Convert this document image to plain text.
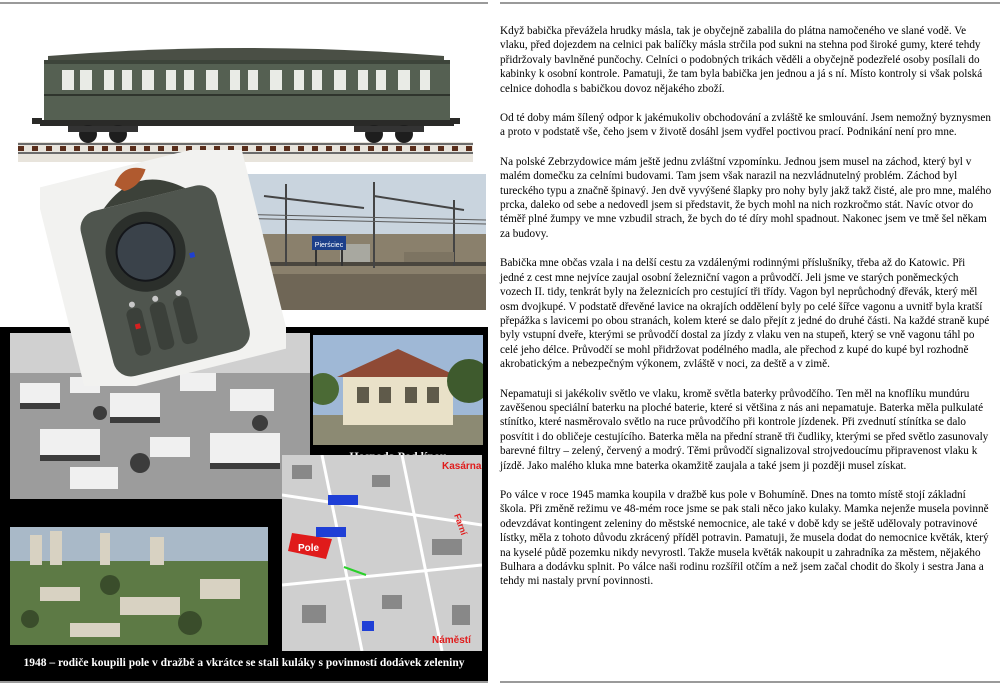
Pierściec
Kasárna
Pole
Náměstí
Farní
1948 – rodiče koupili pole v dražbě a vkrátce se stali kuláky s povinností dodávek zeleniny

Když babička převážela hrudky másla, tak je obyčejně zabalila do plátna namočeného ve slané vodě. Ve vlaku, před dojezdem na celnici pak balíčky másla strčila pod sukni na stehna pod široké gumy, které tehdy přidržovaly bavlněné punčochy. Celníci o podobných trikách věděli a obyčejně podezřelé osoby posílali do kabinky k osobní kontrole. Pamatuji, že tam byla babička jen jednou a já s ní. Místo kontroly si však polská celnice dohodla s babičkou dovoz nějakého zboží.

Od té doby mám šílený odpor k jakémukoliv obchodování a zvláště ke smlouvání. Jsem nemožný byznysmen a proto v podstatě vše, čeho jsem v životě dosáhl jsem vydřel poctivou prací. Podnikání není pro mne.

Na polské Zebrzydowice mám ještě jednu zvláštní vzpomínku. Jednou jsem musel na záchod, který byl v malém domečku za celními budovami. Tam jsem však narazil na nezvládnutelný problém. Záchod byl tureckého typu a značně špinavý. Jen dvě vyvýšené šlapky pro nohy byly jakž takž čisté, ale pro mne, malého prcka, daleko od sebe a nedovedl jsem si představit, že bych mohl na nich rozkročmo stát. Navíc otvor do téměř plné žumpy ve mne vzbudil strach, že bych do té díry mohl spadnout. Nakonec jsem ve tmě šel někam za budovy.

Babička mne občas vzala i na delší cestu za vzdálenými rodinnými příslušníky, třeba až do Katowic. Při jedné z cest mne nejvíce zaujal osobní železniční vagon a průvodčí. Jeli jsme ve starých poněmeckých vozech II. tidy, tenkrát byly na železnicích pro cestující tři třídy. Vagon byl neprůchodný dřevák, který měl osm dvojkupé. V podstatě dřevěné lavice na okrajích oddělení byly po celé šířce vagonu a uvnitř byla kratší přepážka s lavicemi po obou stranách, kolem které se dalo přejít z jedné do druhé části. Na každé straně kupé byly vstupní dveře, kterými se průvodčí dostal za jízdy z vlaku ven na stupeň, který se vně vagonu táhl po celé jeho délce. Průvodčí se mohl přidržovat podélného madla, ale přechod z kupé do kupé byl rozhodně akrobatickým a nebezpečným výkonem, zvláště v noci, za deště a v zimě.

Nepamatuji si jakékoliv světlo ve vlaku, kromě světla baterky průvodčího. Ten měl na knoflíku mundúru zavěšenou speciální baterku na ploché baterie, které si většina z nás ani nepamatuje. Baterka měla pulkulaté stínítko, které nasměrovalo světlo na ruce průvodčího při kontrole jízdenek. Při zvednutí stínítka se dalo posvítit i do obličeje cestujícího. Baterka měla na přední straně tři čudliky, kterými se před světlo zasunovaly barevné filtry – zelený, červený a modrý. Těmi průvodčí signalizoval strojvedoucímu připravenost vlaku k jízdě. Jako malého kluka mne baterka okamžitě zaujala a také jsem ji později musel získat.

Po válce v roce 1945 mamka koupila v dražbě kus pole v Bohumíně. Dnes na tomto místě stojí základní škola. Při změně režimu ve 48-mém roce jsme se pak stali něco jako kulaky. Mamka nejenže musela povinně odevzdávat kontingent zeleniny do městské nemocnice, ale také v době kdy se ještě udělovaly potravinové lístky, měla z tohoto důvodu zkrácený příděl potravin. Pamatuji, že musela dodat do nemocnice květák, který na kyselé půdě pozemku nikdy nevyrostl. Takže musela květák nakoupit u zahradníka za městem, nějakého Bulhara a dodávku splnit. Po válce naši rodinu rozšířil otčím a než jsem začal chodit do školy i sestra Jana a tehdy mi nastaly první povinnosti.
